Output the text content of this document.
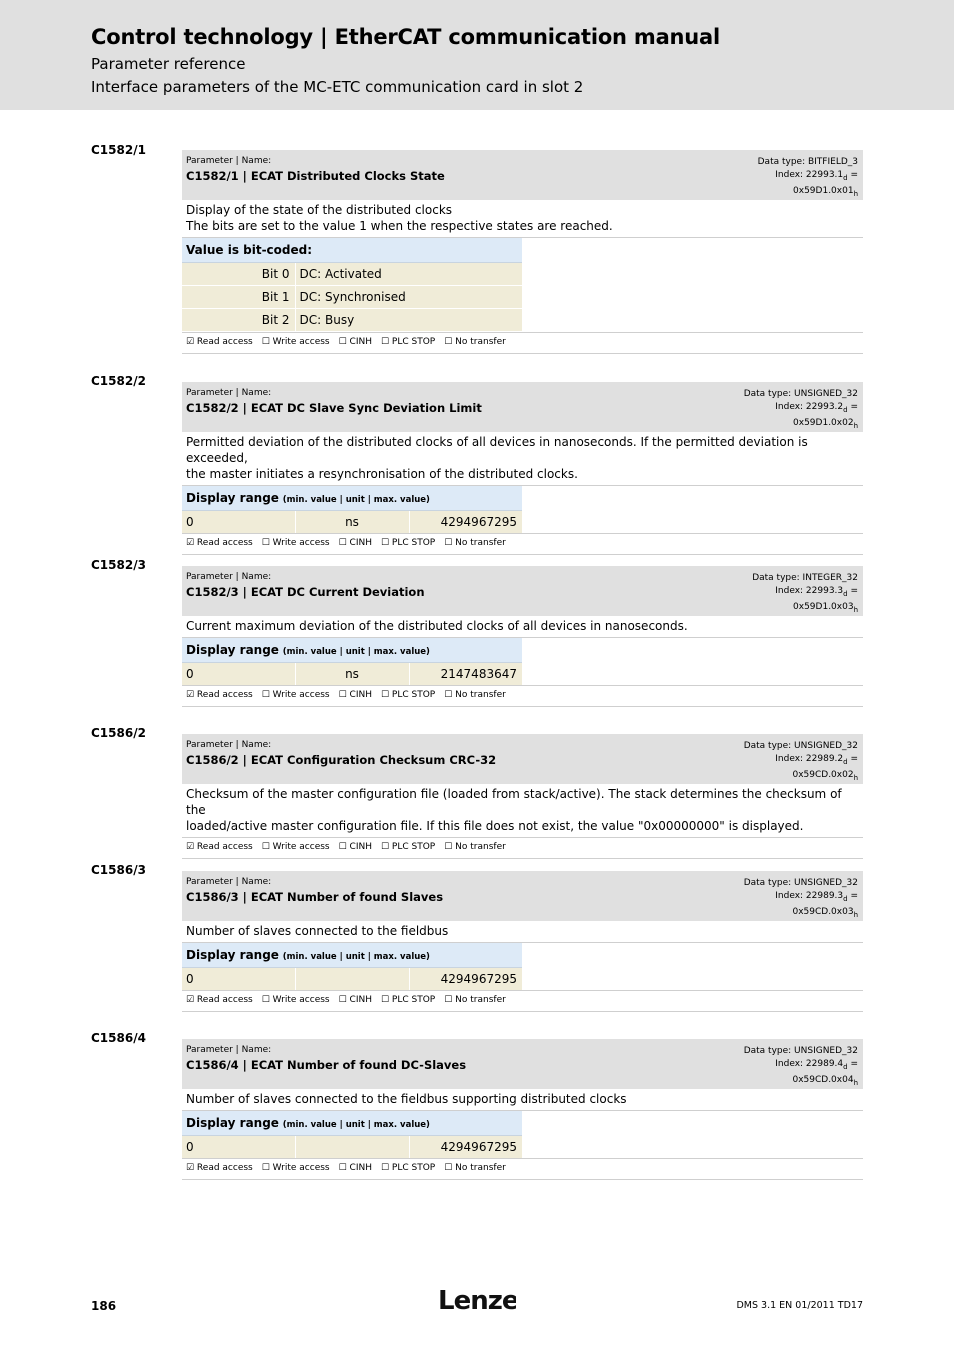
Control technology | EtherCAT communication manual
Parameter reference
Interface parameters of the MC-ETC communication card in slot 2
C1582/1
Parameter | Name:
C1582/1 | ECAT Distributed Clocks State
Data type: BITFIELD_3
Index: $22993.1_d$ =
$0x59D1.0x01_h$
Display of the state of the distributed clocks
The bits are set to the value 1 when the respective states are reached.
Value is bit-coded:	
Bit 0	DC: Activated
Bit 1	DC: Synchronised
Bit 2	DC: Busy
☑ Read access ☐ Write access ☐ CINH ☐ PLC STOP ☐ No transfer
C1582/2
Parameter | Name:
C1582/2 | ECAT DC Slave Sync Deviation Limit
Data type: UNSIGNED_32
Index: $22993.2_d$ =
$0x59D1.0x02_h$
Permitted deviation of the distributed clocks of all devices in nanoseconds. If the permitted deviation is exceeded,
the master initiates a resynchronisation of the distributed clocks.
Display range (min. value | unit | max. value)
0	ns	4294967295
☑ Read access ☐ Write access ☐ CINH ☐ PLC STOP ☐ No transfer
C1582/3
Parameter | Name:
C1582/3 | ECAT DC Current Deviation
Data type: INTEGER_32
Index: $22993.3_d$ =
$0x59D1.0x03_h$
Current maximum deviation of the distributed clocks of all devices in nanoseconds.
Display range (min. value | unit | max. value)
0	ns	2147483647
☑ Read access ☐ Write access ☐ CINH ☐ PLC STOP ☐ No transfer
C1586/2
Parameter | Name:
C1586/2 | ECAT Configuration Checksum CRC-32
Data type: UNSIGNED_32
Index: $22989.2_d$ =
$0x59CD.0x02_h$
Checksum of the master configuration file (loaded from stack/active). The stack determines the checksum of the
loaded/active master configuration file. If this file does not exist, the value "0x00000000" is displayed.
☑ Read access ☐ Write access ☐ CINH ☐ PLC STOP ☐ No transfer
C1586/3
Parameter | Name:
C1586/3 | ECAT Number of found Slaves
Data type: UNSIGNED_32
Index: $22989.3_d$ =
$0x59CD.0x03_h$
Number of slaves connected to the fieldbus
Display range (min. value | unit | max. value)
0		4294967295
☑ Read access ☐ Write access ☐ CINH ☐ PLC STOP ☐ No transfer
C1586/4
Parameter | Name:
C1586/4 | ECAT Number of found DC-Slaves
Data type: UNSIGNED_32
Index: $22989.4_d$ =
$0x59CD.0x04_h$
Number of slaves connected to the fieldbus supporting distributed clocks
Display range (min. value | unit | max. value)
0		4294967295
☑ Read access ☐ Write access ☐ CINH ☐ PLC STOP ☐ No transfer
186	Lenze	DMS 3.1 EN 01/2011 TD17
